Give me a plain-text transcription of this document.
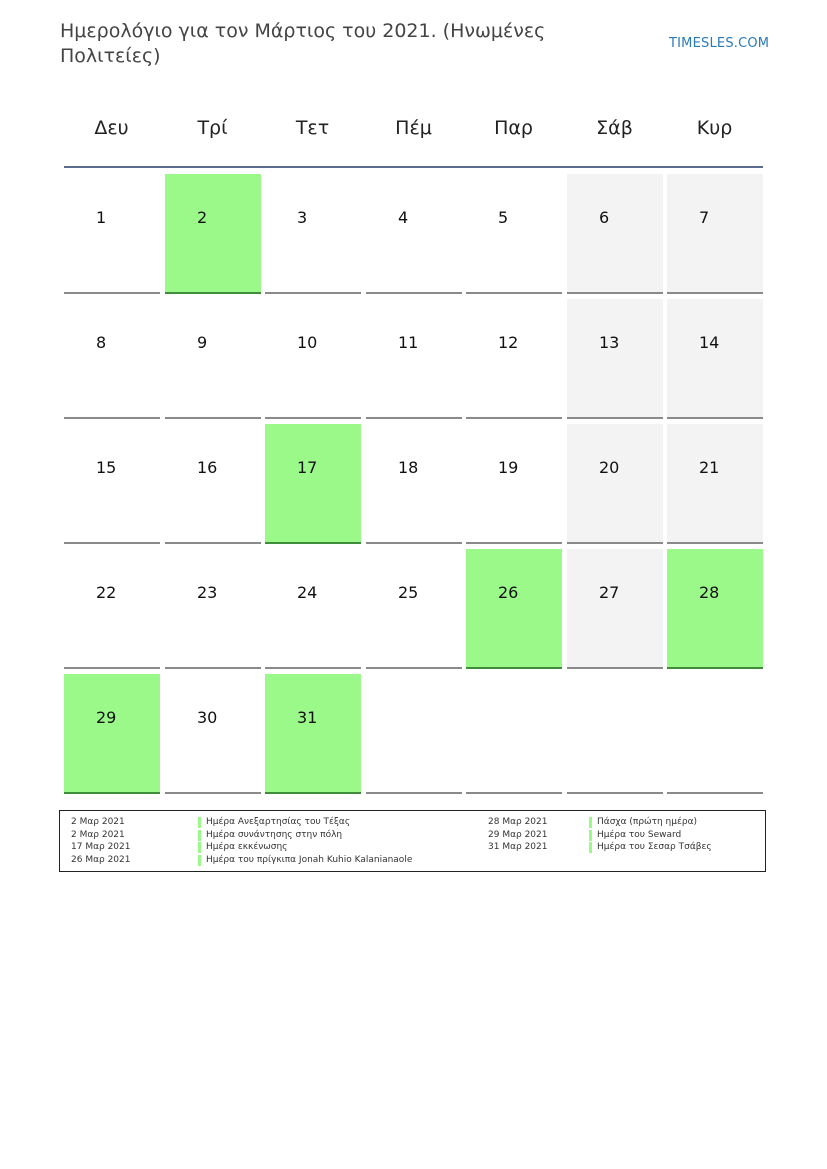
Ημερολόγιο για τον Μάρτιος του 2021. (Ηνωμένες Πολιτείες)
TIMESLES.COM
Δευ	Τρί	Τετ	Πέμ	Παρ	Σάβ	Κυρ
1	2	3	4	5	6	7
8	9	10	11	12	13	14
15	16	17	18	19	20	21
22	23	24	25	26	27	28
29	30	31
2 Μαρ 2021	Ημέρα Ανεξαρτησίας του Τέξας
2 Μαρ 2021	Ημέρα συνάντησης στην πόλη
17 Μαρ 2021	Ημέρα εκκένωσης
26 Μαρ 2021	Ημέρα του πρίγκιπα Jonah Kuhio Kalanianaole
28 Μαρ 2021	Πάσχα (πρώτη ημέρα)
29 Μαρ 2021	Ημέρα του Seward
31 Μαρ 2021	Ημέρα του Σεσαρ Τσάβες
